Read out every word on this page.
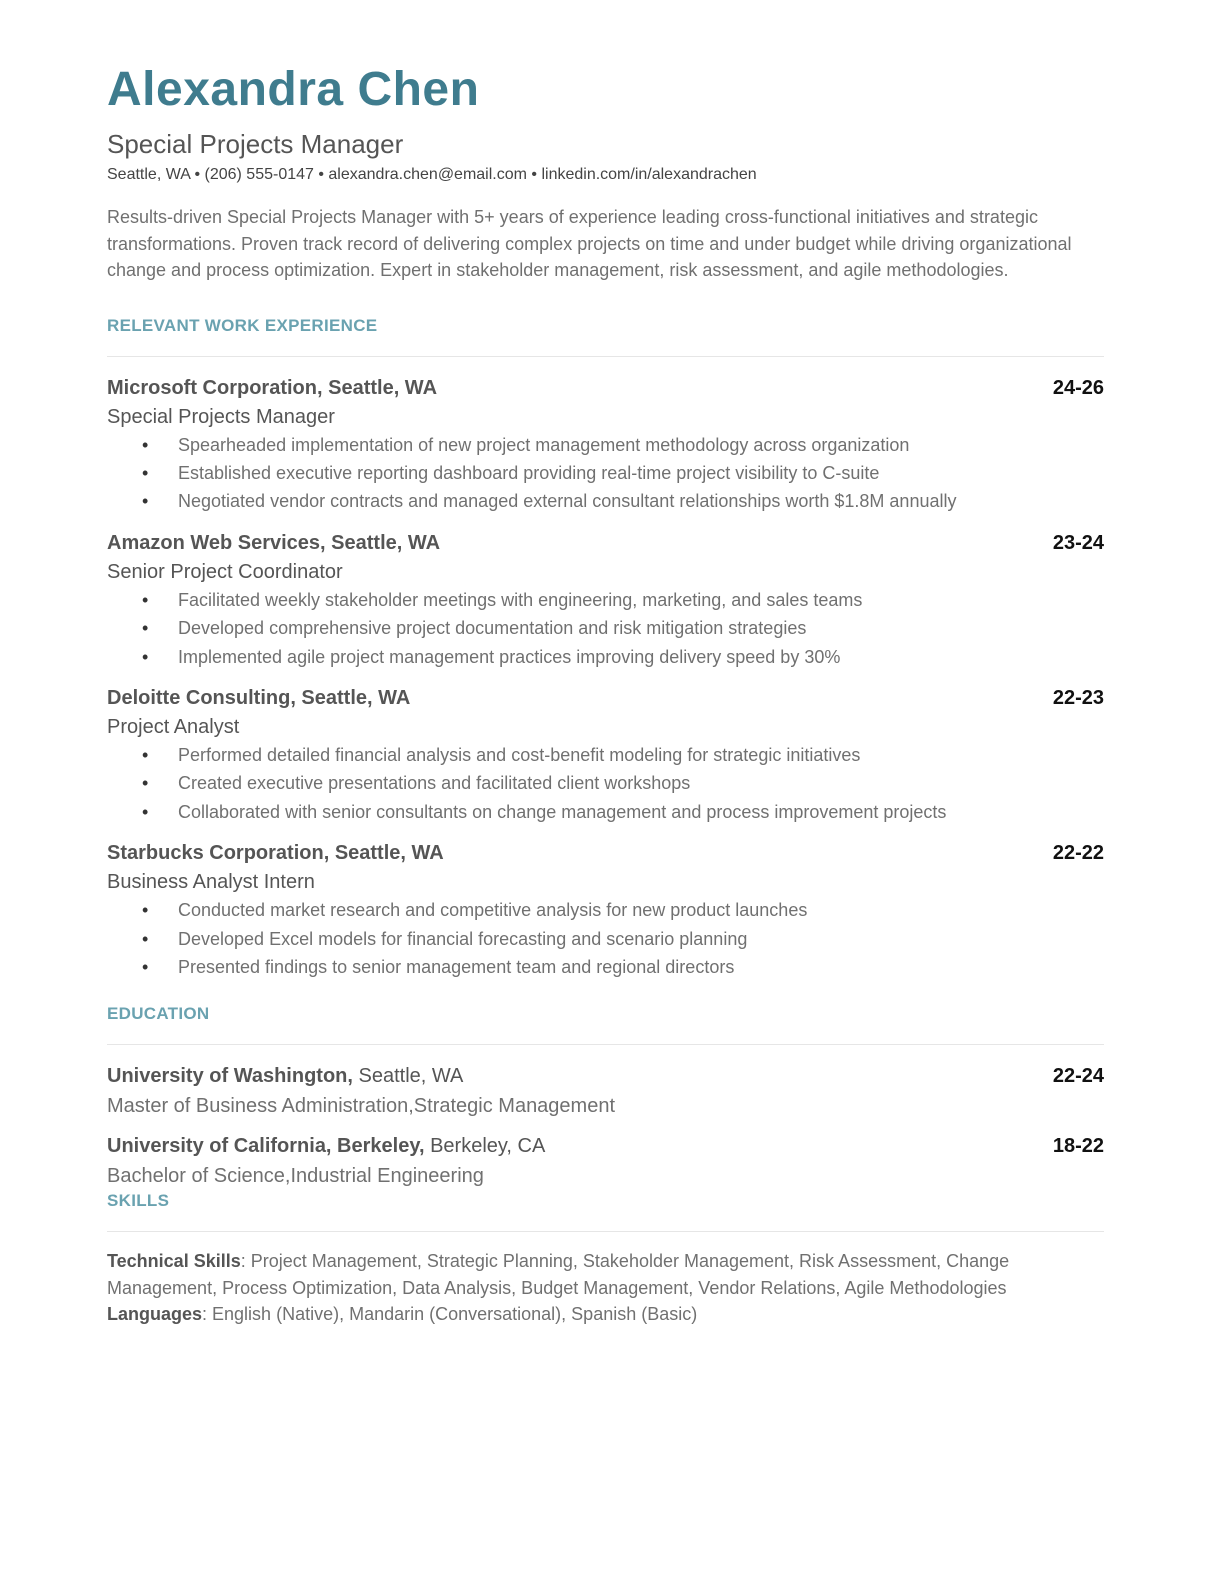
Alexandra Chen
Special Projects Manager
Seattle, WA • (206) 555-0147 • alexandra.chen@email.com • linkedin.com/in/alexandrachen
Results-driven Special Projects Manager with 5+ years of experience leading cross-functional initiatives and strategic transformations. Proven track record of delivering complex projects on time and under budget while driving organizational change and process optimization. Expert in stakeholder management, risk assessment, and agile methodologies.
RELEVANT WORK EXPERIENCE
Microsoft Corporation, Seattle, WA	24-26
Special Projects Manager
• Spearheaded implementation of new project management methodology across organization
• Established executive reporting dashboard providing real-time project visibility to C-suite
• Negotiated vendor contracts and managed external consultant relationships worth $1.8M annually
Amazon Web Services, Seattle, WA	23-24
Senior Project Coordinator
• Facilitated weekly stakeholder meetings with engineering, marketing, and sales teams
• Developed comprehensive project documentation and risk mitigation strategies
• Implemented agile project management practices improving delivery speed by 30%
Deloitte Consulting, Seattle, WA	22-23
Project Analyst
• Performed detailed financial analysis and cost-benefit modeling for strategic initiatives
• Created executive presentations and facilitated client workshops
• Collaborated with senior consultants on change management and process improvement projects
Starbucks Corporation, Seattle, WA	22-22
Business Analyst Intern
• Conducted market research and competitive analysis for new product launches
• Developed Excel models for financial forecasting and scenario planning
• Presented findings to senior management team and regional directors
EDUCATION
University of Washington, Seattle, WA	22-24
Master of Business Administration,Strategic Management
University of California, Berkeley, Berkeley, CA	18-22
Bachelor of Science,Industrial Engineering
SKILLS
Technical Skills: Project Management, Strategic Planning, Stakeholder Management, Risk Assessment, Change Management, Process Optimization, Data Analysis, Budget Management, Vendor Relations, Agile Methodologies
Languages: English (Native), Mandarin (Conversational), Spanish (Basic)
